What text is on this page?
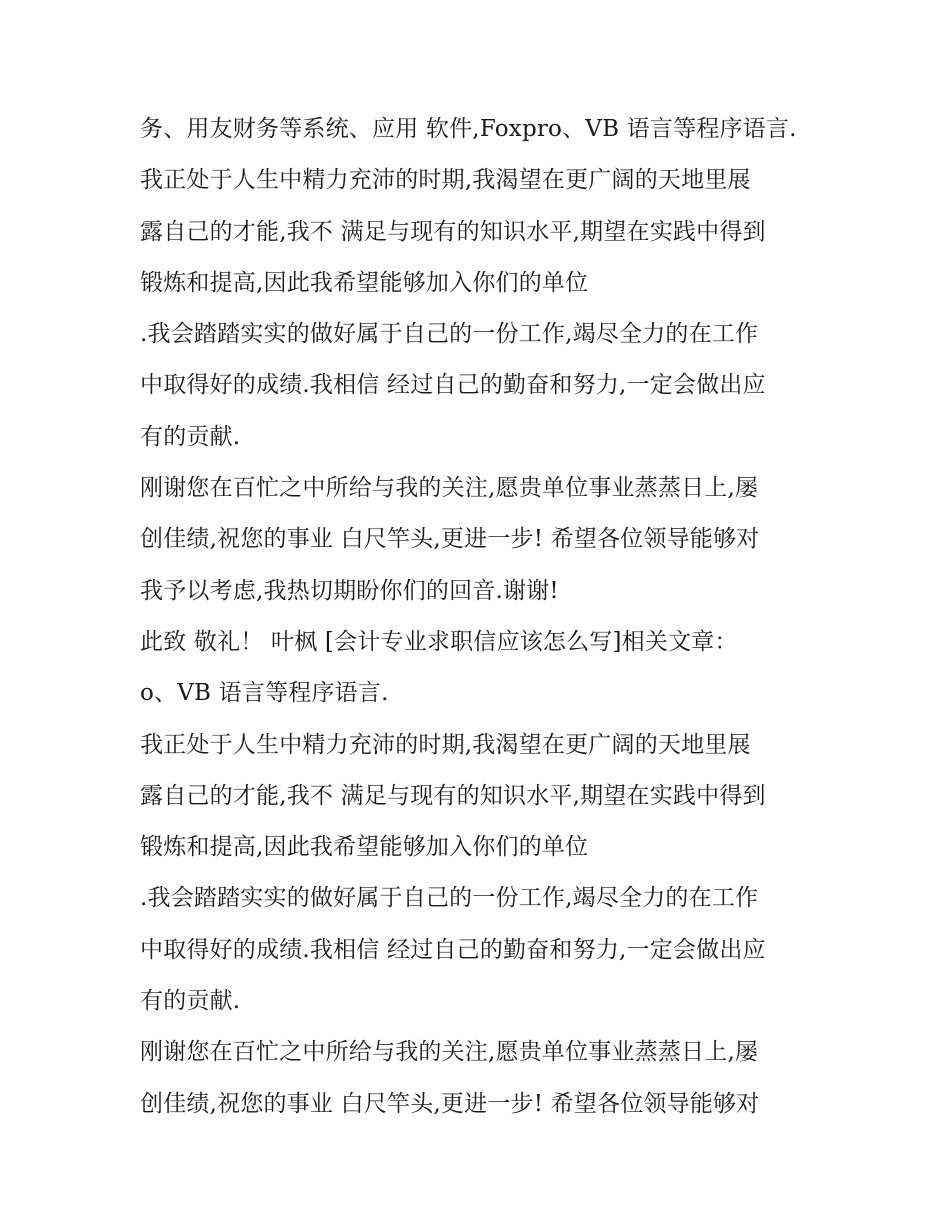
务、用友财务等系统、应用 软件,Foxpro、VB 语言等程序语言.
我正处于人生中精力充沛的时期,我渴望在更广阔的天地里展
露自己的才能,我不 满足与现有的知识水平,期望在实践中得到
锻炼和提高,因此我希望能够加入你们的单位
.我会踏踏实实的做好属于自己的一份工作,竭尽全力的在工作
中取得好的成绩.我相信 经过自己的勤奋和努力,一定会做出应
有的贡献.
刚谢您在百忙之中所给与我的关注,愿贵单位事业蒸蒸日上,屡
创佳绩,祝您的事业 白尺竿头,更进一步! 希望各位领导能够对
我予以考虑,我热切期盼你们的回音.谢谢!
此致 敬礼！ 叶枫 [会计专业求职信应该怎么写]相关文章：
o、VB 语言等程序语言.
我正处于人生中精力充沛的时期,我渴望在更广阔的天地里展
露自己的才能,我不 满足与现有的知识水平,期望在实践中得到
锻炼和提高,因此我希望能够加入你们的单位
.我会踏踏实实的做好属于自己的一份工作,竭尽全力的在工作
中取得好的成绩.我相信 经过自己的勤奋和努力,一定会做出应
有的贡献.
刚谢您在百忙之中所给与我的关注,愿贵单位事业蒸蒸日上,屡
创佳绩,祝您的事业 白尺竿头,更进一步! 希望各位领导能够对
